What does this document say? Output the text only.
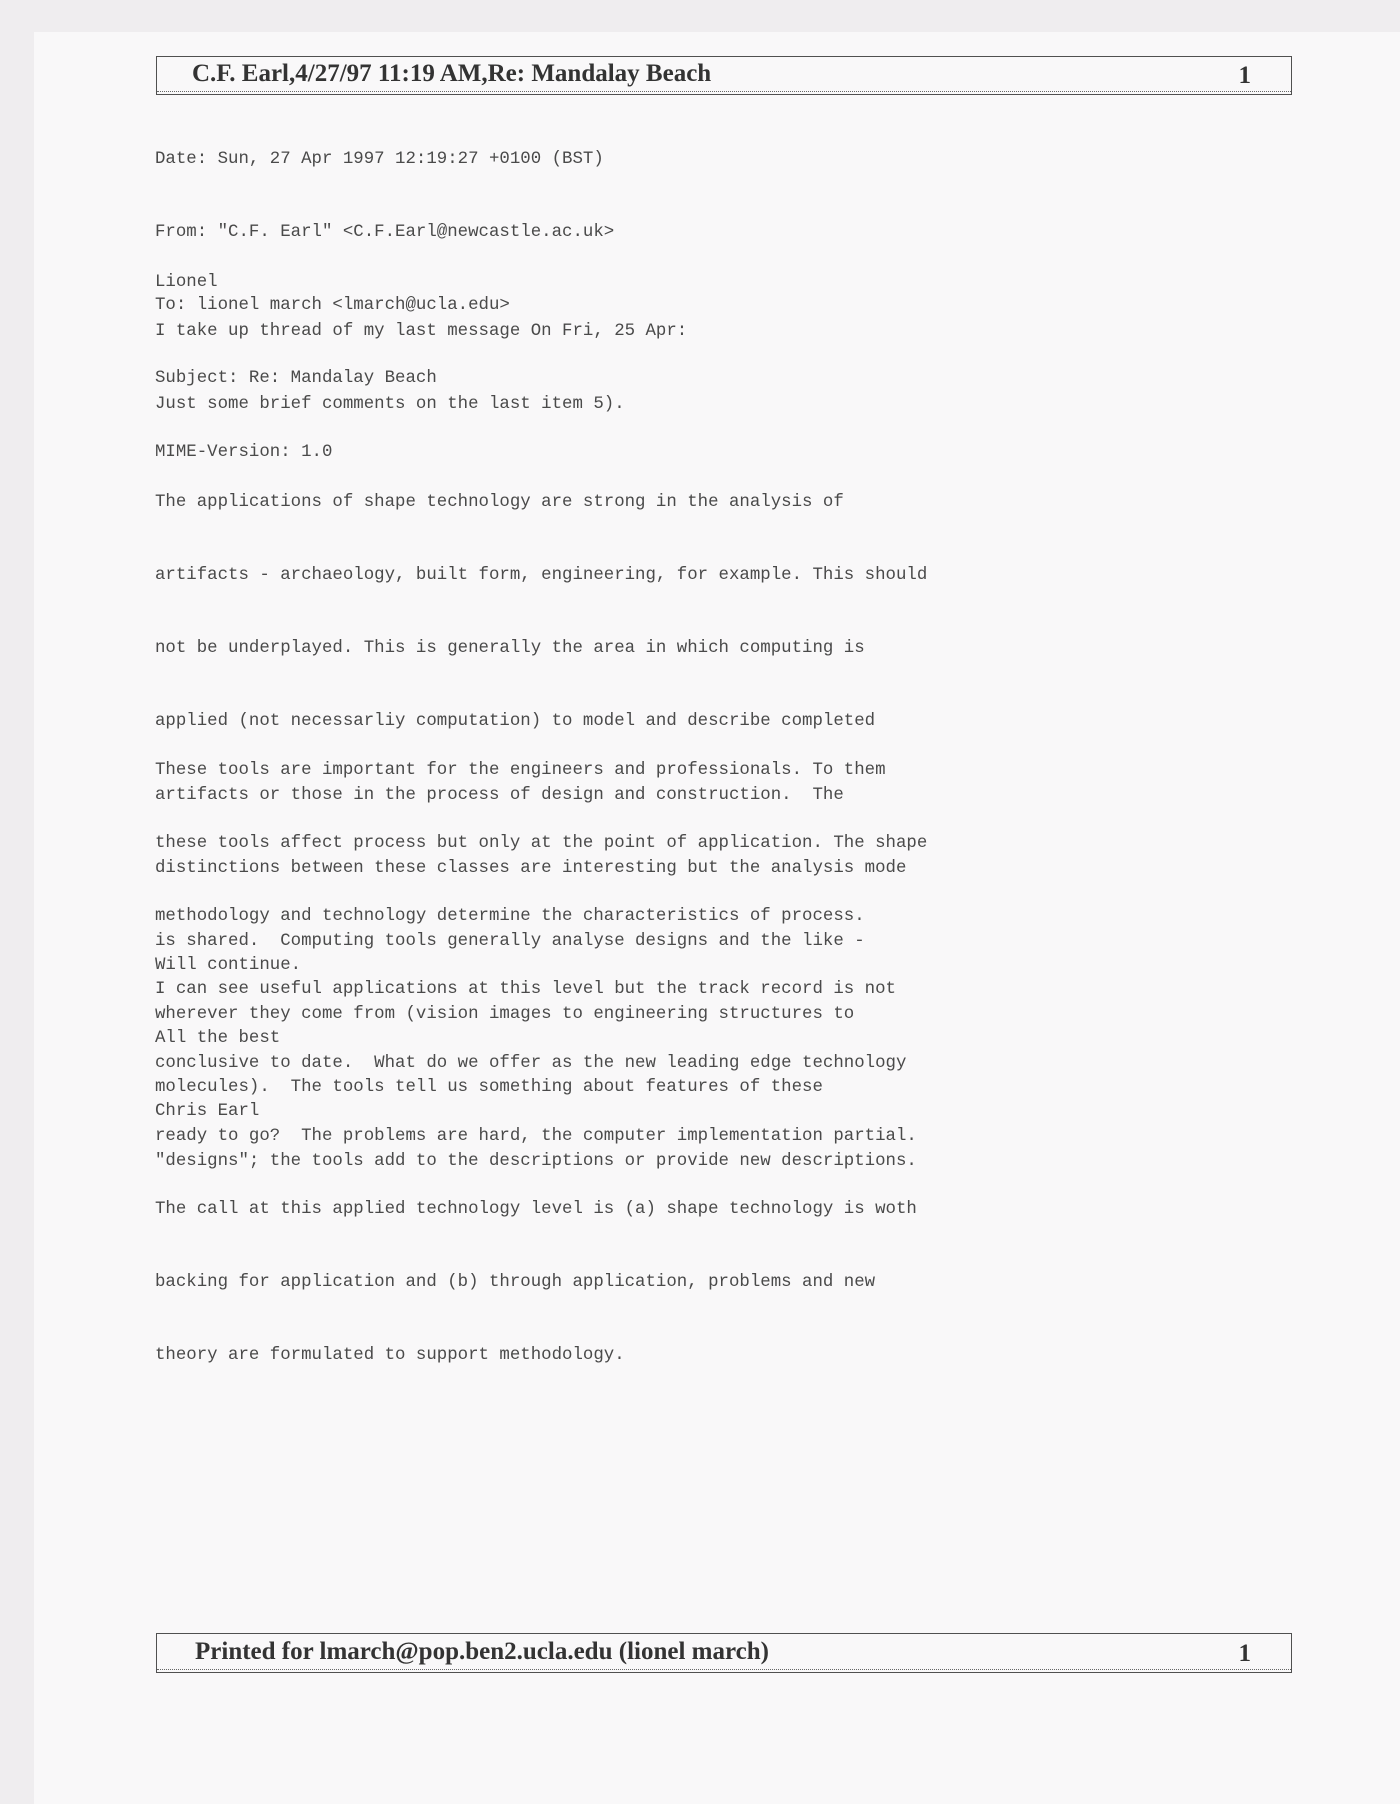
C.F. Earl,4/27/97 11:19 AM,Re: Mandalay Beach	1

Date: Sun, 27 Apr 1997 12:19:27 +0100 (BST)

From: "C.F. Earl" <C.F.Earl@newcastle.ac.uk>

To: lionel march <lmarch@ucla.edu>

Subject: Re: Mandalay Beach

MIME-Version: 1.0

Lionel
I take up thread of my last message On Fri, 25 Apr:
Just some brief comments on the last item 5).

The applications of shape technology are strong in the analysis of

artifacts - archaeology, built form, engineering, for example. This should

not be underplayed. This is generally the area in which computing is

applied (not necessarliy computation) to model and describe completed

artifacts or those in the process of design and construction.  The

distinctions between these classes are interesting but the analysis mode

is shared.  Computing tools generally analyse designs and the like -

wherever they come from (vision images to engineering structures to

molecules).  The tools tell us something about features of these

"designs"; the tools add to the descriptions or provide new descriptions.

These tools are important for the engineers and professionals. To them

these tools affect process but only at the point of application. The shape

methodology and technology determine the characteristics of process.

I can see useful applications at this level but the track record is not

conclusive to date.  What do we offer as the new leading edge technology

ready to go?  The problems are hard, the computer implementation partial.

The call at this applied technology level is (a) shape technology is woth

backing for application and (b) through application, problems and new

theory are formulated to support methodology.

Will continue.
All the best
Chris Earl
Printed for lmarch@pop.ben2.ucla.edu (lionel march)	1
